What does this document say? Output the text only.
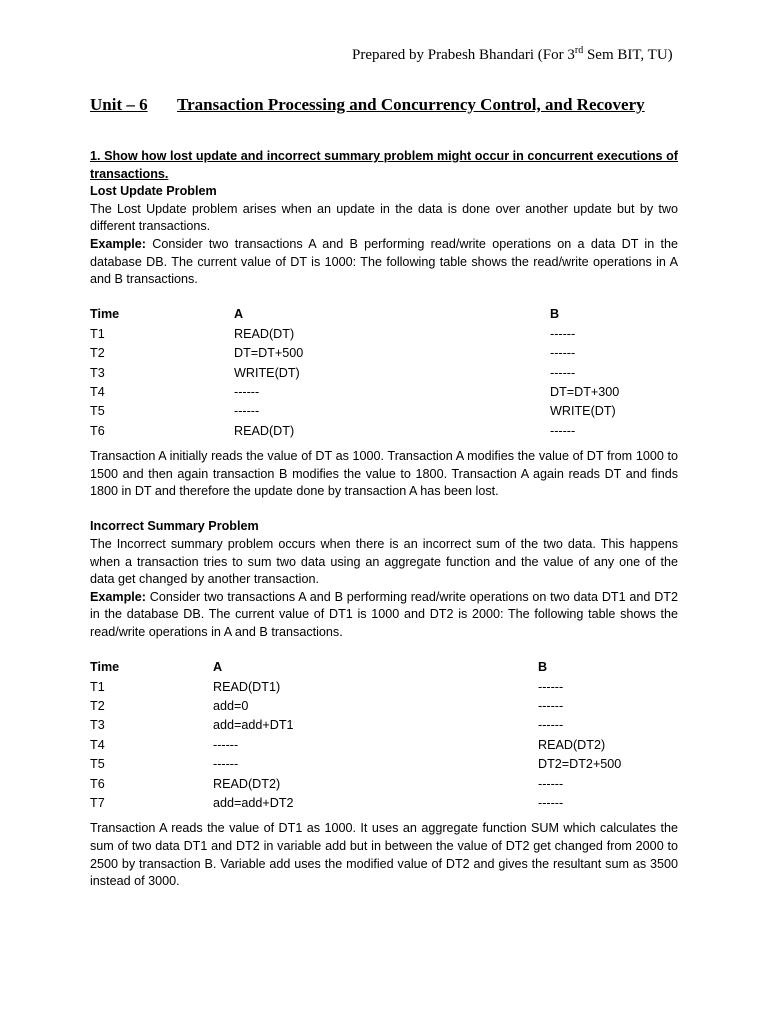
Prepared by Prabesh Bhandari (For 3rd Sem BIT, TU)
Unit – 6 Transaction Processing and Concurrency Control, and Recovery

1. Show how lost update and incorrect summary problem might occur in concurrent executions of transactions.

Lost Update Problem

The Lost Update problem arises when an update in the data is done over another update but by two different transactions.

Example: Consider two transactions A and B performing read/write operations on a data DT in the database DB. The current value of DT is 1000: The following table shows the read/write operations in A and B transactions.

Time	A	B
T1	READ(DT)	------
T2	DT=DT+500	------
T3	WRITE(DT)	------
T4	------	DT=DT+300
T5	------	WRITE(DT)
T6	READ(DT)	------

Transaction A initially reads the value of DT as 1000. Transaction A modifies the value of DT from 1000 to 1500 and then again transaction B modifies the value to 1800. Transaction A again reads DT and finds 1800 in DT and therefore the update done by transaction A has been lost.

Incorrect Summary Problem

The Incorrect summary problem occurs when there is an incorrect sum of the two data. This happens when a transaction tries to sum two data using an aggregate function and the value of any one of the data get changed by another transaction.

Example: Consider two transactions A and B performing read/write operations on two data DT1 and DT2 in the database DB. The current value of DT1 is 1000 and DT2 is 2000: The following table shows the read/write operations in A and B transactions.

Time	A	B
T1	READ(DT1)	------
T2	add=0	------
T3	add=add+DT1	------
T4	------	READ(DT2)
T5	------	DT2=DT2+500
T6	READ(DT2)	------
T7	add=add+DT2	------

Transaction A reads the value of DT1 as 1000. It uses an aggregate function SUM which calculates the sum of two data DT1 and DT2 in variable add but in between the value of DT2 get changed from 2000 to 2500 by transaction B. Variable add uses the modified value of DT2 and gives the resultant sum as 3500 instead of 3000.
